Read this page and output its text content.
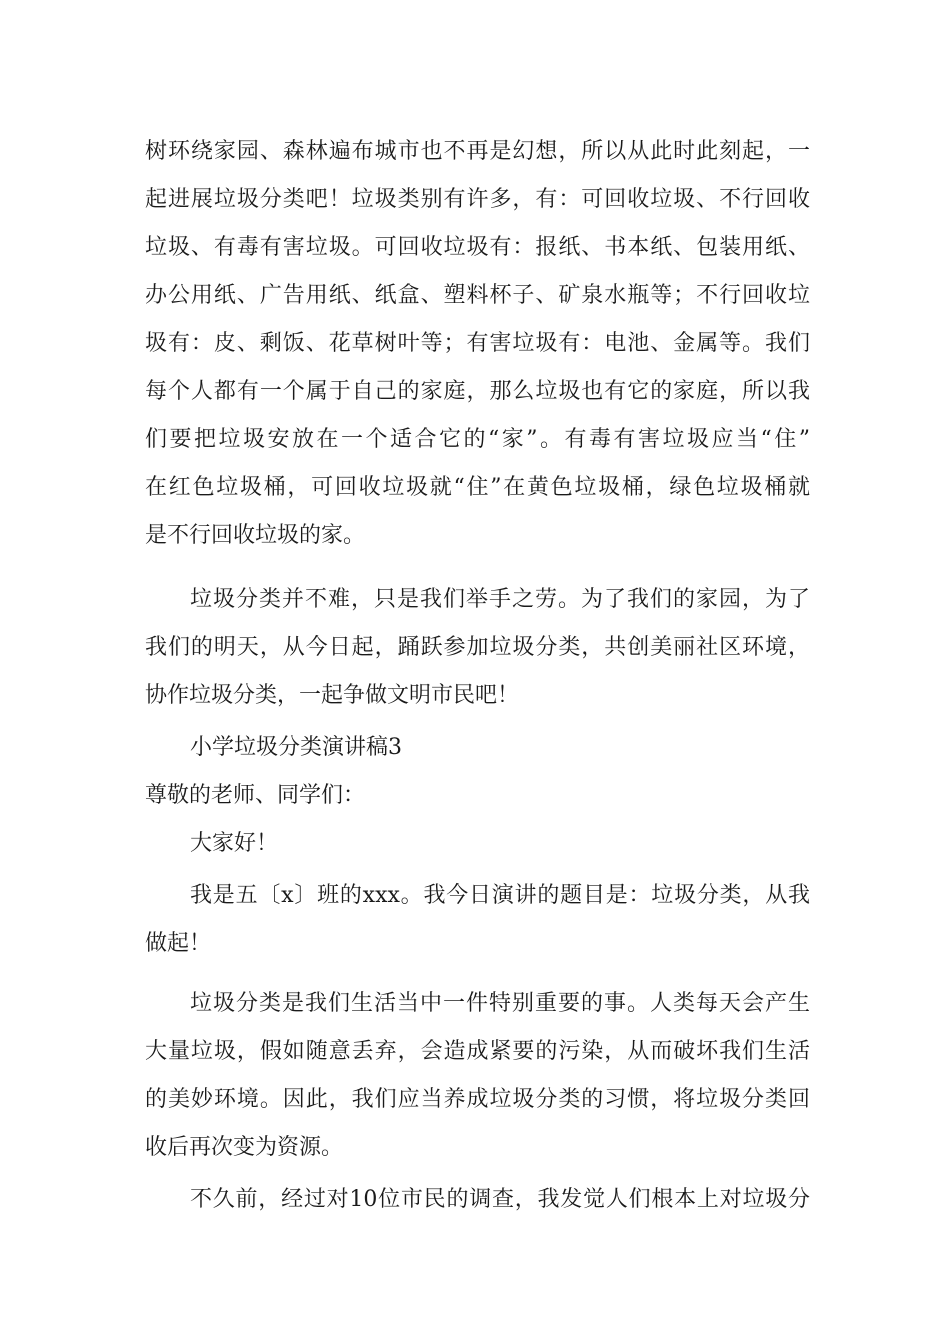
树环绕家园、森林遍布城市也不再是幻想，所以从此时此刻起，一
起进展垃圾分类吧！垃圾类别有许多，有：可回收垃圾、不行回收
垃圾、有毒有害垃圾。可回收垃圾有：报纸、书本纸、包装用纸、
办公用纸、广告用纸、纸盒、塑料杯子、矿泉水瓶等；不行回收垃
圾有：皮、剩饭、花草树叶等；有害垃圾有：电池、金属等。我们
每个人都有一个属于自己的家庭，那么垃圾也有它的家庭，所以我
们要把垃圾安放在一个适合它的“家”。有毒有害垃圾应当“住”
在红色垃圾桶，可回收垃圾就“住”在黄色垃圾桶，绿色垃圾桶就
是不行回收垃圾的家。
垃圾分类并不难，只是我们举手之劳。为了我们的家园，为了
我们的明天，从今日起，踊跃参加垃圾分类，共创美丽社区环境，
协作垃圾分类，一起争做文明市民吧！
小学垃圾分类演讲稿3
尊敬的老师、同学们：
大家好！
我是五〔x〕班的xxx。我今日演讲的题目是：垃圾分类，从我
做起！
垃圾分类是我们生活当中一件特别重要的事。人类每天会产生
大量垃圾，假如随意丢弃，会造成紧要的污染，从而破坏我们生活
的美妙环境。因此，我们应当养成垃圾分类的习惯，将垃圾分类回
收后再次变为资源。
不久前，经过对10位市民的调查，我发觉人们根本上对垃圾分
